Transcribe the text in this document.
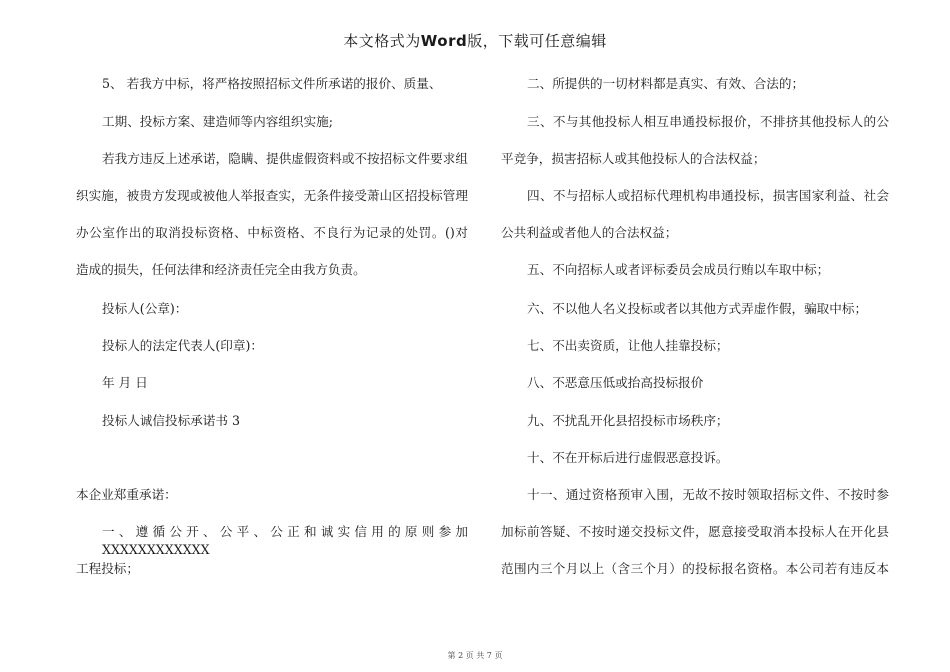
本文格式为Word版，下载可任意编辑
5、 若我方中标，将严格按照招标文件所承诺的报价、质量、
工期、投标方案、建造师等内容组织实施;
若我方违反上述承诺，隐瞒、提供虚假资料或不按招标文件要求组
织实施，被贵方发现或被他人举报查实，无条件接受萧山区招投标管理
办公室作出的取消投标资格、中标资格、不良行为记录的处罚。()对
造成的损失，任何法律和经济责任完全由我方负责。
投标人(公章)：
投标人的法定代表人(印章)：
年 月 日
投标人诚信投标承诺书 3
本企业郑重承诺：
一、遵循公开、公平、公正和诚实信用的原则参加 XXXXXXXXXXXX
工程投标；
二、所提供的一切材料都是真实、有效、合法的；
三、不与其他投标人相互串通投标报价，不排挤其他投标人的公
平竞争，损害招标人或其他投标人的合法权益；
四、不与招标人或招标代理机构串通投标，损害国家利益、社会
公共利益或者他人的合法权益；
五、不向招标人或者评标委员会成员行贿以车取中标；
六、不以他人名义投标或者以其他方式弄虚作假，骗取中标；
七、不出卖资质，让他人挂靠投标；
八、不恶意压低或抬高投标报价
九、不扰乱开化县招投标市场秩序；
十、不在开标后进行虚假恶意投诉。
十一、通过资格预审入围，无故不按时领取招标文件、不按时参
加标前答疑、不按时递交投标文件，愿意接受取消本投标人在开化县
范围内三个月以上（含三个月）的投标报名资格。本公司若有违反本
第 2 页 共 7 页
